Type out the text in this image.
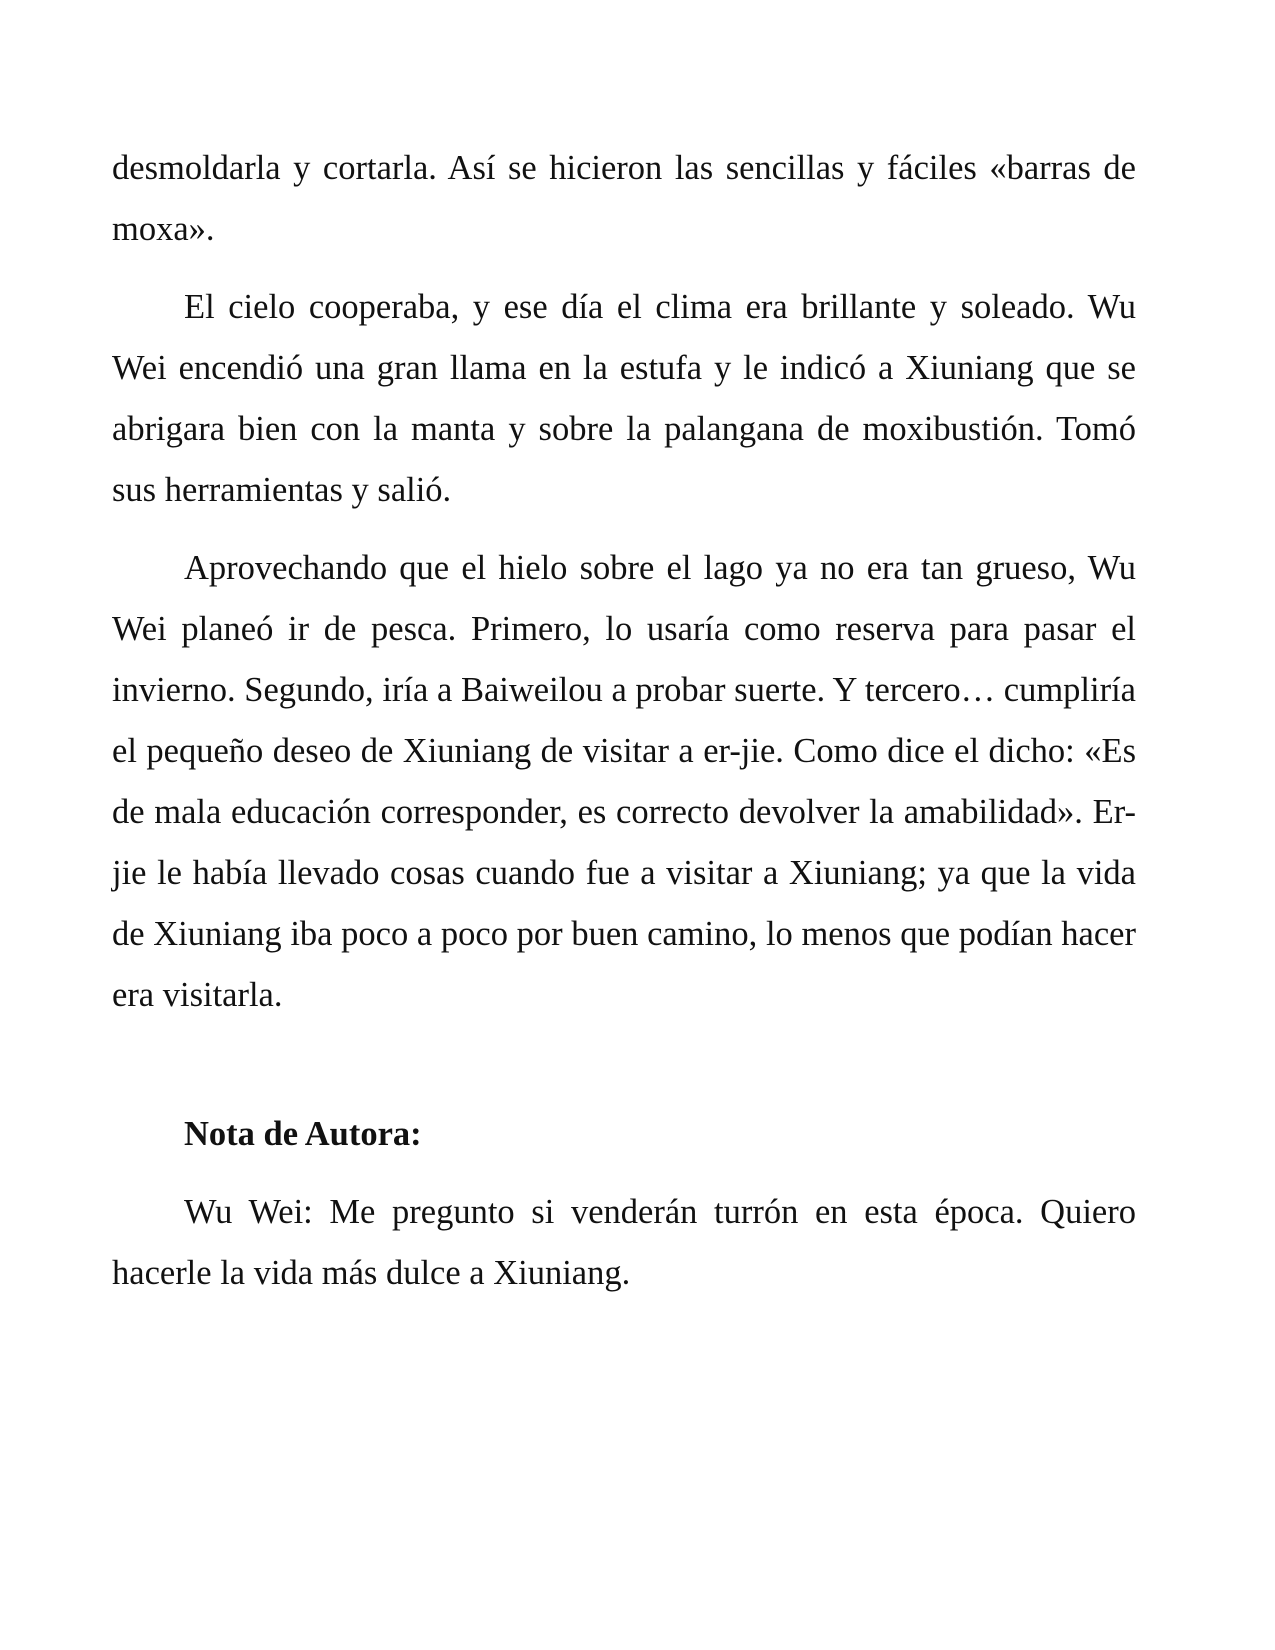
desmoldarla y cortarla. Así se hicieron las sencillas y fáciles «barras de moxa».

El cielo cooperaba, y ese día el clima era brillante y soleado. Wu Wei encendió una gran llama en la estufa y le indicó a Xiuniang que se abrigara bien con la manta y sobre la palangana de moxibustión. Tomó sus herramientas y salió.

Aprovechando que el hielo sobre el lago ya no era tan grueso, Wu Wei planeó ir de pesca. Primero, lo usaría como reserva para pasar el invierno. Segundo, iría a Baiweilou a probar suerte. Y tercero… cumpliría el pequeño deseo de Xiuniang de visitar a er-jie. Como dice el dicho: «Es de mala educación corresponder, es correcto devolver la amabilidad». Er-jie le había llevado cosas cuando fue a visitar a Xiuniang; ya que la vida de Xiuniang iba poco a poco por buen camino, lo menos que podían hacer era visitarla.

Nota de Autora:

Wu Wei: Me pregunto si venderán turrón en esta época. Quiero hacerle la vida más dulce a Xiuniang.
